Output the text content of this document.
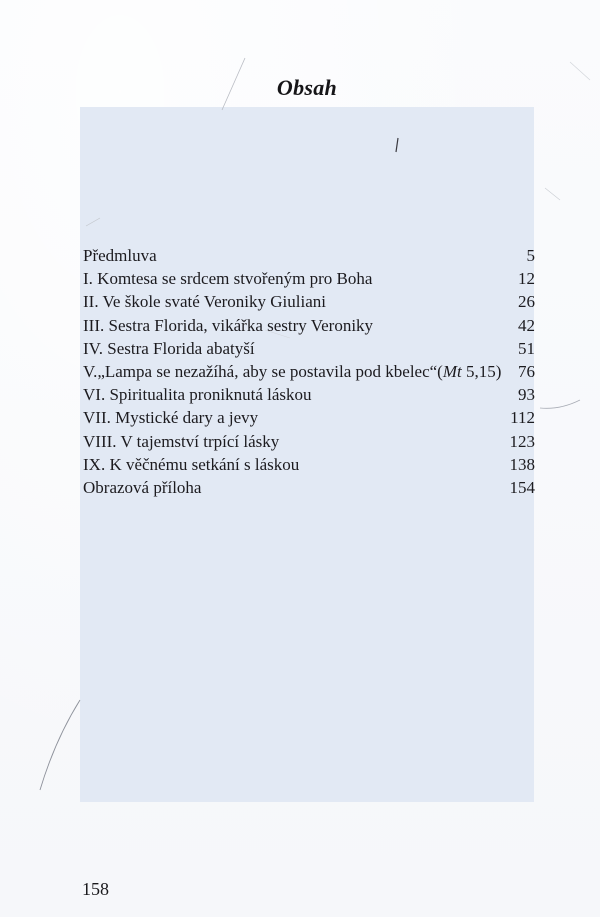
Obsah
Předmluva	5
I. Komtesa se srdcem stvořeným pro Boha	12
II. Ve škole svaté Veroniky Giuliani	26
III. Sestra Florida, vikářka sestry Veroniky	42
IV. Sestra Florida abatyší	51
V.„Lampa se nezažíhá, aby se postavila pod kbelec“(Mt 5,15) 76
VI. Spiritualita proniknutá láskou	93
VII. Mystické dary a jevy	112
VIII. V tajemství trpící lásky	123
IX. K věčnému setkání s láskou	138
Obrazová příloha	154
158
